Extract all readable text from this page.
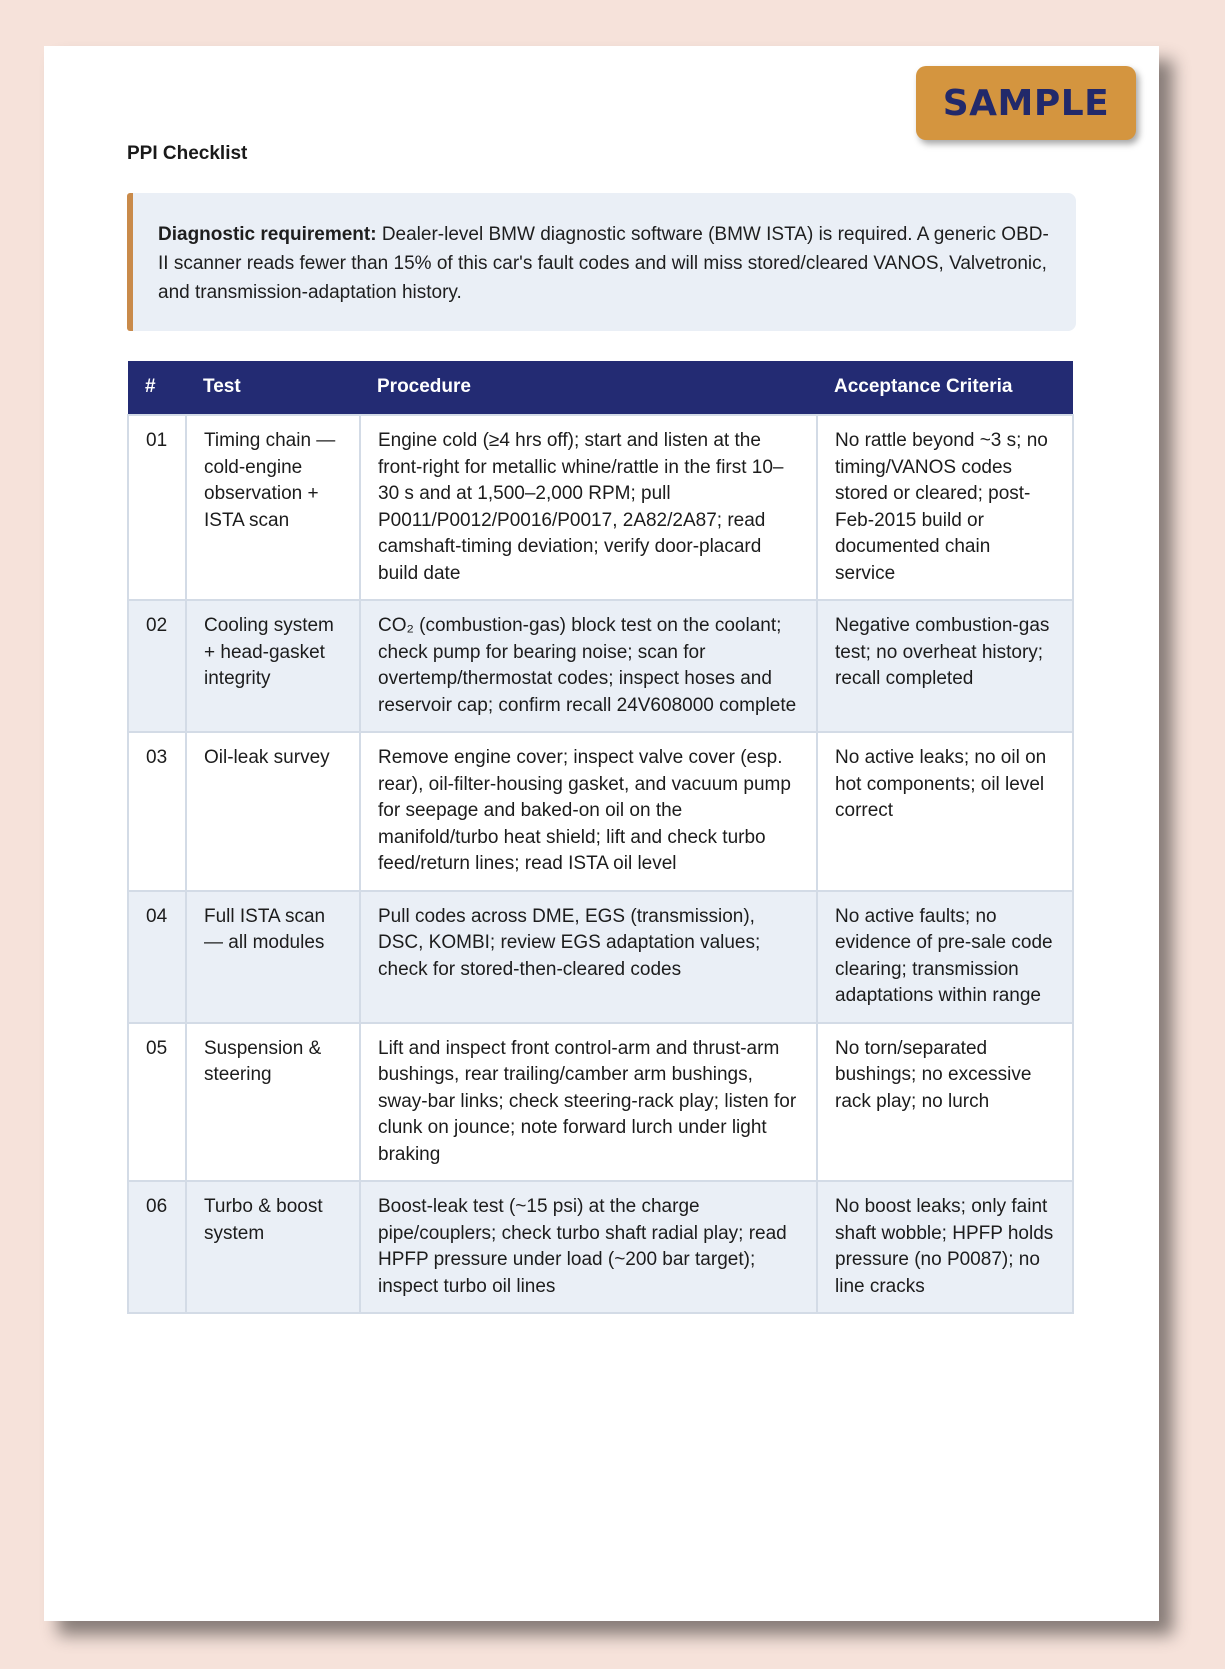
SAMPLE
PPI Checklist
Diagnostic requirement: Dealer-level BMW diagnostic software (BMW ISTA) is required. A generic OBD-II scanner reads fewer than 15% of this car's fault codes and will miss stored/cleared VANOS, Valvetronic, and transmission-adaptation history.
#	Test	Procedure	Acceptance Criteria
01	Timing chain — cold-engine observation + ISTA scan	Engine cold (≥4 hrs off); start and listen at the front-right for metallic whine/rattle in the first 10–30 s and at 1,500–2,000 RPM; pull P0011/P0012/P0016/P0017, 2A82/2A87; read camshaft-timing deviation; verify door-placard build date	No rattle beyond ~3 s; no timing/VANOS codes stored or cleared; post-Feb-2015 build or documented chain service
02	Cooling system + head-gasket integrity	CO₂ (combustion-gas) block test on the coolant; check pump for bearing noise; scan for overtemp/thermostat codes; inspect hoses and reservoir cap; confirm recall 24V608000 complete	Negative combustion-gas test; no overheat history; recall completed
03	Oil-leak survey	Remove engine cover; inspect valve cover (esp. rear), oil-filter-housing gasket, and vacuum pump for seepage and baked-on oil on the manifold/turbo heat shield; lift and check turbo feed/return lines; read ISTA oil level	No active leaks; no oil on hot components; oil level correct
04	Full ISTA scan — all modules	Pull codes across DME, EGS (transmission), DSC, KOMBI; review EGS adaptation values; check for stored-then-cleared codes	No active faults; no evidence of pre-sale code clearing; transmission adaptations within range
05	Suspension & steering	Lift and inspect front control-arm and thrust-arm bushings, rear trailing/camber arm bushings, sway-bar links; check steering-rack play; listen for clunk on jounce; note forward lurch under light braking	No torn/separated bushings; no excessive rack play; no lurch
06	Turbo & boost system	Boost-leak test (~15 psi) at the charge pipe/couplers; check turbo shaft radial play; read HPFP pressure under load (~200 bar target); inspect turbo oil lines	No boost leaks; only faint shaft wobble; HPFP holds pressure (no P0087); no line cracks
